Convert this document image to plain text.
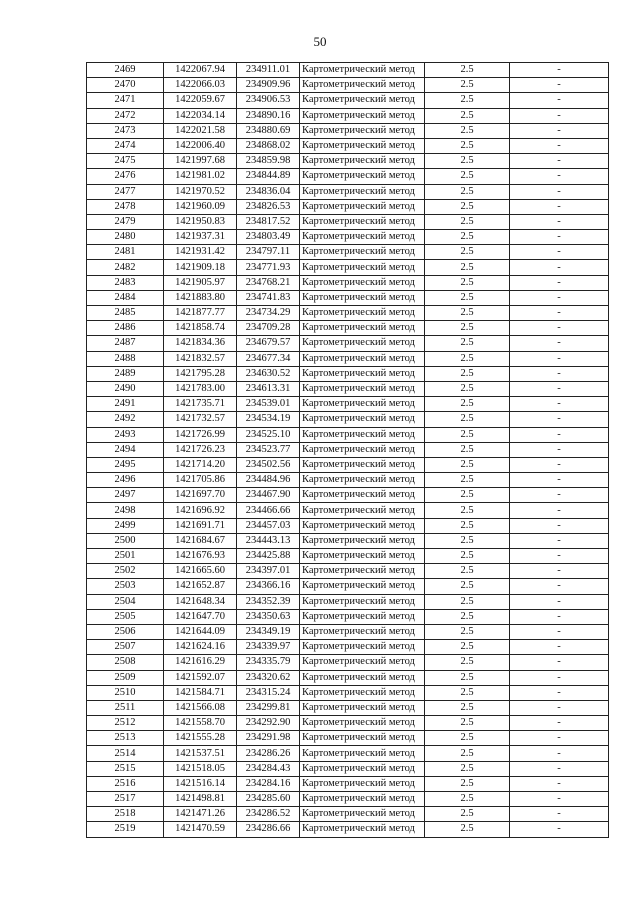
50
2469	1422067.94	234911.01	Картометрический метод	2.5	-
2470	1422066.03	234909.96	Картометрический метод	2.5	-
2471	1422059.67	234906.53	Картометрический метод	2.5	-
2472	1422034.14	234890.16	Картометрический метод	2.5	-
2473	1422021.58	234880.69	Картометрический метод	2.5	-
2474	1422006.40	234868.02	Картометрический метод	2.5	-
2475	1421997.68	234859.98	Картометрический метод	2.5	-
2476	1421981.02	234844.89	Картометрический метод	2.5	-
2477	1421970.52	234836.04	Картометрический метод	2.5	-
2478	1421960.09	234826.53	Картометрический метод	2.5	-
2479	1421950.83	234817.52	Картометрический метод	2.5	-
2480	1421937.31	234803.49	Картометрический метод	2.5	-
2481	1421931.42	234797.11	Картометрический метод	2.5	-
2482	1421909.18	234771.93	Картометрический метод	2.5	-
2483	1421905.97	234768.21	Картометрический метод	2.5	-
2484	1421883.80	234741.83	Картометрический метод	2.5	-
2485	1421877.77	234734.29	Картометрический метод	2.5	-
2486	1421858.74	234709.28	Картометрический метод	2.5	-
2487	1421834.36	234679.57	Картометрический метод	2.5	-
2488	1421832.57	234677.34	Картометрический метод	2.5	-
2489	1421795.28	234630.52	Картометрический метод	2.5	-
2490	1421783.00	234613.31	Картометрический метод	2.5	-
2491	1421735.71	234539.01	Картометрический метод	2.5	-
2492	1421732.57	234534.19	Картометрический метод	2.5	-
2493	1421726.99	234525.10	Картометрический метод	2.5	-
2494	1421726.23	234523.77	Картометрический метод	2.5	-
2495	1421714.20	234502.56	Картометрический метод	2.5	-
2496	1421705.86	234484.96	Картометрический метод	2.5	-
2497	1421697.70	234467.90	Картометрический метод	2.5	-
2498	1421696.92	234466.66	Картометрический метод	2.5	-
2499	1421691.71	234457.03	Картометрический метод	2.5	-
2500	1421684.67	234443.13	Картометрический метод	2.5	-
2501	1421676.93	234425.88	Картометрический метод	2.5	-
2502	1421665.60	234397.01	Картометрический метод	2.5	-
2503	1421652.87	234366.16	Картометрический метод	2.5	-
2504	1421648.34	234352.39	Картометрический метод	2.5	-
2505	1421647.70	234350.63	Картометрический метод	2.5	-
2506	1421644.09	234349.19	Картометрический метод	2.5	-
2507	1421624.16	234339.97	Картометрический метод	2.5	-
2508	1421616.29	234335.79	Картометрический метод	2.5	-
2509	1421592.07	234320.62	Картометрический метод	2.5	-
2510	1421584.71	234315.24	Картометрический метод	2.5	-
2511	1421566.08	234299.81	Картометрический метод	2.5	-
2512	1421558.70	234292.90	Картометрический метод	2.5	-
2513	1421555.28	234291.98	Картометрический метод	2.5	-
2514	1421537.51	234286.26	Картометрический метод	2.5	-
2515	1421518.05	234284.43	Картометрический метод	2.5	-
2516	1421516.14	234284.16	Картометрический метод	2.5	-
2517	1421498.81	234285.60	Картометрический метод	2.5	-
2518	1421471.26	234286.52	Картометрический метод	2.5	-
2519	1421470.59	234286.66	Картометрический метод	2.5	-
